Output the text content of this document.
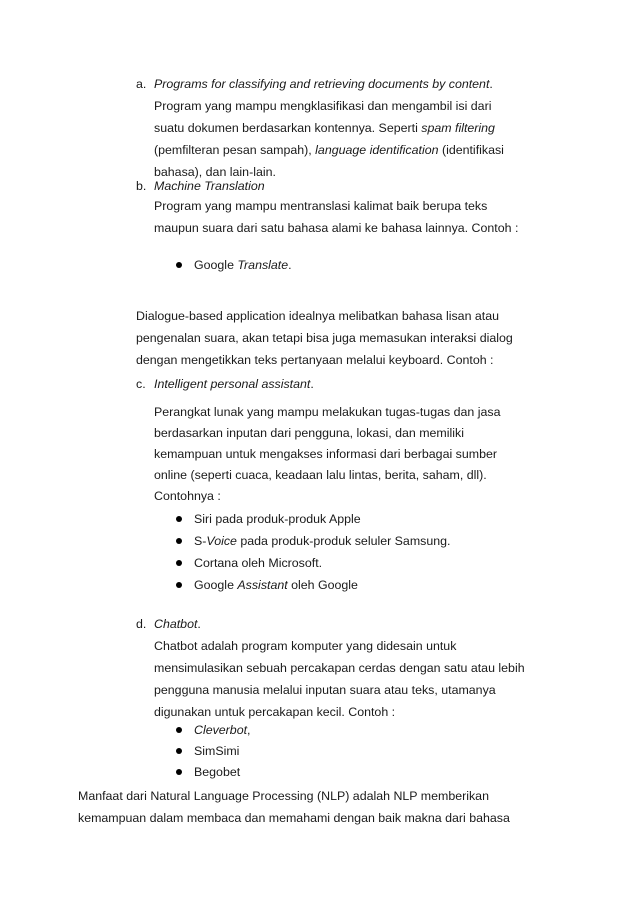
a. Programs for classifying and retrieving documents by content.
Program yang mampu mengklasifikasi dan mengambil isi dari
suatu dokumen berdasarkan kontennya. Seperti spam filtering
(pemfilteran pesan sampah), language identification (identifikasi
bahasa), dan lain-lain.
b. Machine Translation
Program yang mampu mentranslasi kalimat baik berupa teks
maupun suara dari satu bahasa alami ke bahasa lainnya. Contoh :
Google Translate.
Dialogue-based application idealnya melibatkan bahasa lisan atau
pengenalan suara, akan tetapi bisa juga memasukan interaksi dialog
dengan mengetikkan teks pertanyaan melalui keyboard. Contoh :
c. Intelligent personal assistant.
Perangkat lunak yang mampu melakukan tugas-tugas dan jasa
berdasarkan inputan dari pengguna, lokasi, dan memiliki
kemampuan untuk mengakses informasi dari berbagai sumber
online (seperti cuaca, keadaan lalu lintas, berita, saham, dll).
Contohnya :
Siri pada produk-produk Apple
S-Voice pada produk-produk seluler Samsung.
Cortana oleh Microsoft.
Google Assistant oleh Google
d. Chatbot.
Chatbot adalah program komputer yang didesain untuk
mensimulasikan sebuah percakapan cerdas dengan satu atau lebih
pengguna manusia melalui inputan suara atau teks, utamanya
digunakan untuk percakapan kecil. Contoh :
Cleverbot,
SimSimi
Begobet
Manfaat dari Natural Language Processing (NLP) adalah NLP memberikan
kemampuan dalam membaca dan memahami dengan baik makna dari bahasa
